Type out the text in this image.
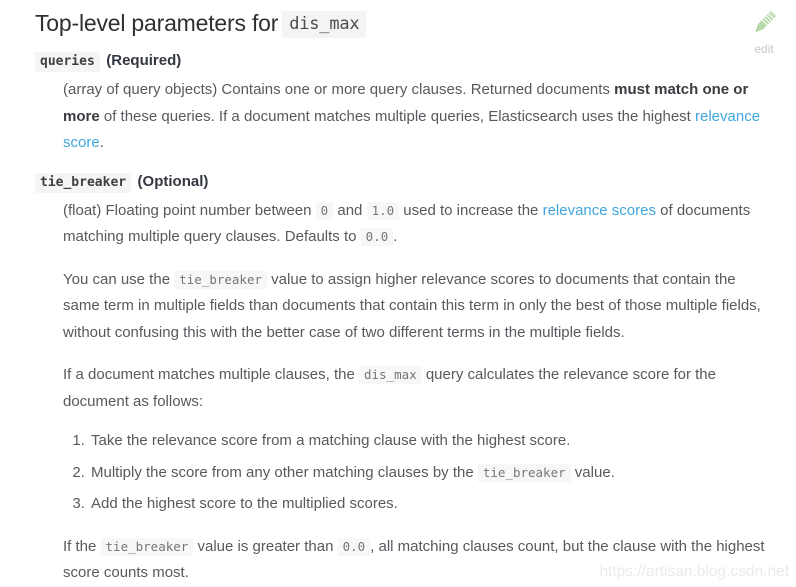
Top-level parameters for dis_max
edit
queries (Required)

(array of query objects) Contains one or more query clauses. Returned documents must match one or more of these queries. If a document matches multiple queries, Elasticsearch uses the highest relevance score.

tie_breaker (Optional)

(float) Floating point number between 0 and 1.0 used to increase the relevance scores of documents matching multiple query clauses. Defaults to 0.0 .

You can use the tie_breaker value to assign higher relevance scores to documents that contain the same term in multiple fields than documents that contain this term in only the best of those multiple fields, without confusing this with the better case of two different terms in the multiple fields.

If a document matches multiple clauses, the dis_max query calculates the relevance score for the document as follows:

1. Take the relevance score from a matching clause with the highest score.
2. Multiply the score from any other matching clauses by the tie_breaker value.
3. Add the highest score to the multiplied scores.

If the tie_breaker value is greater than 0.0 , all matching clauses count, but the clause with the highest score counts most.	https://artisan.blog.csdn.net
